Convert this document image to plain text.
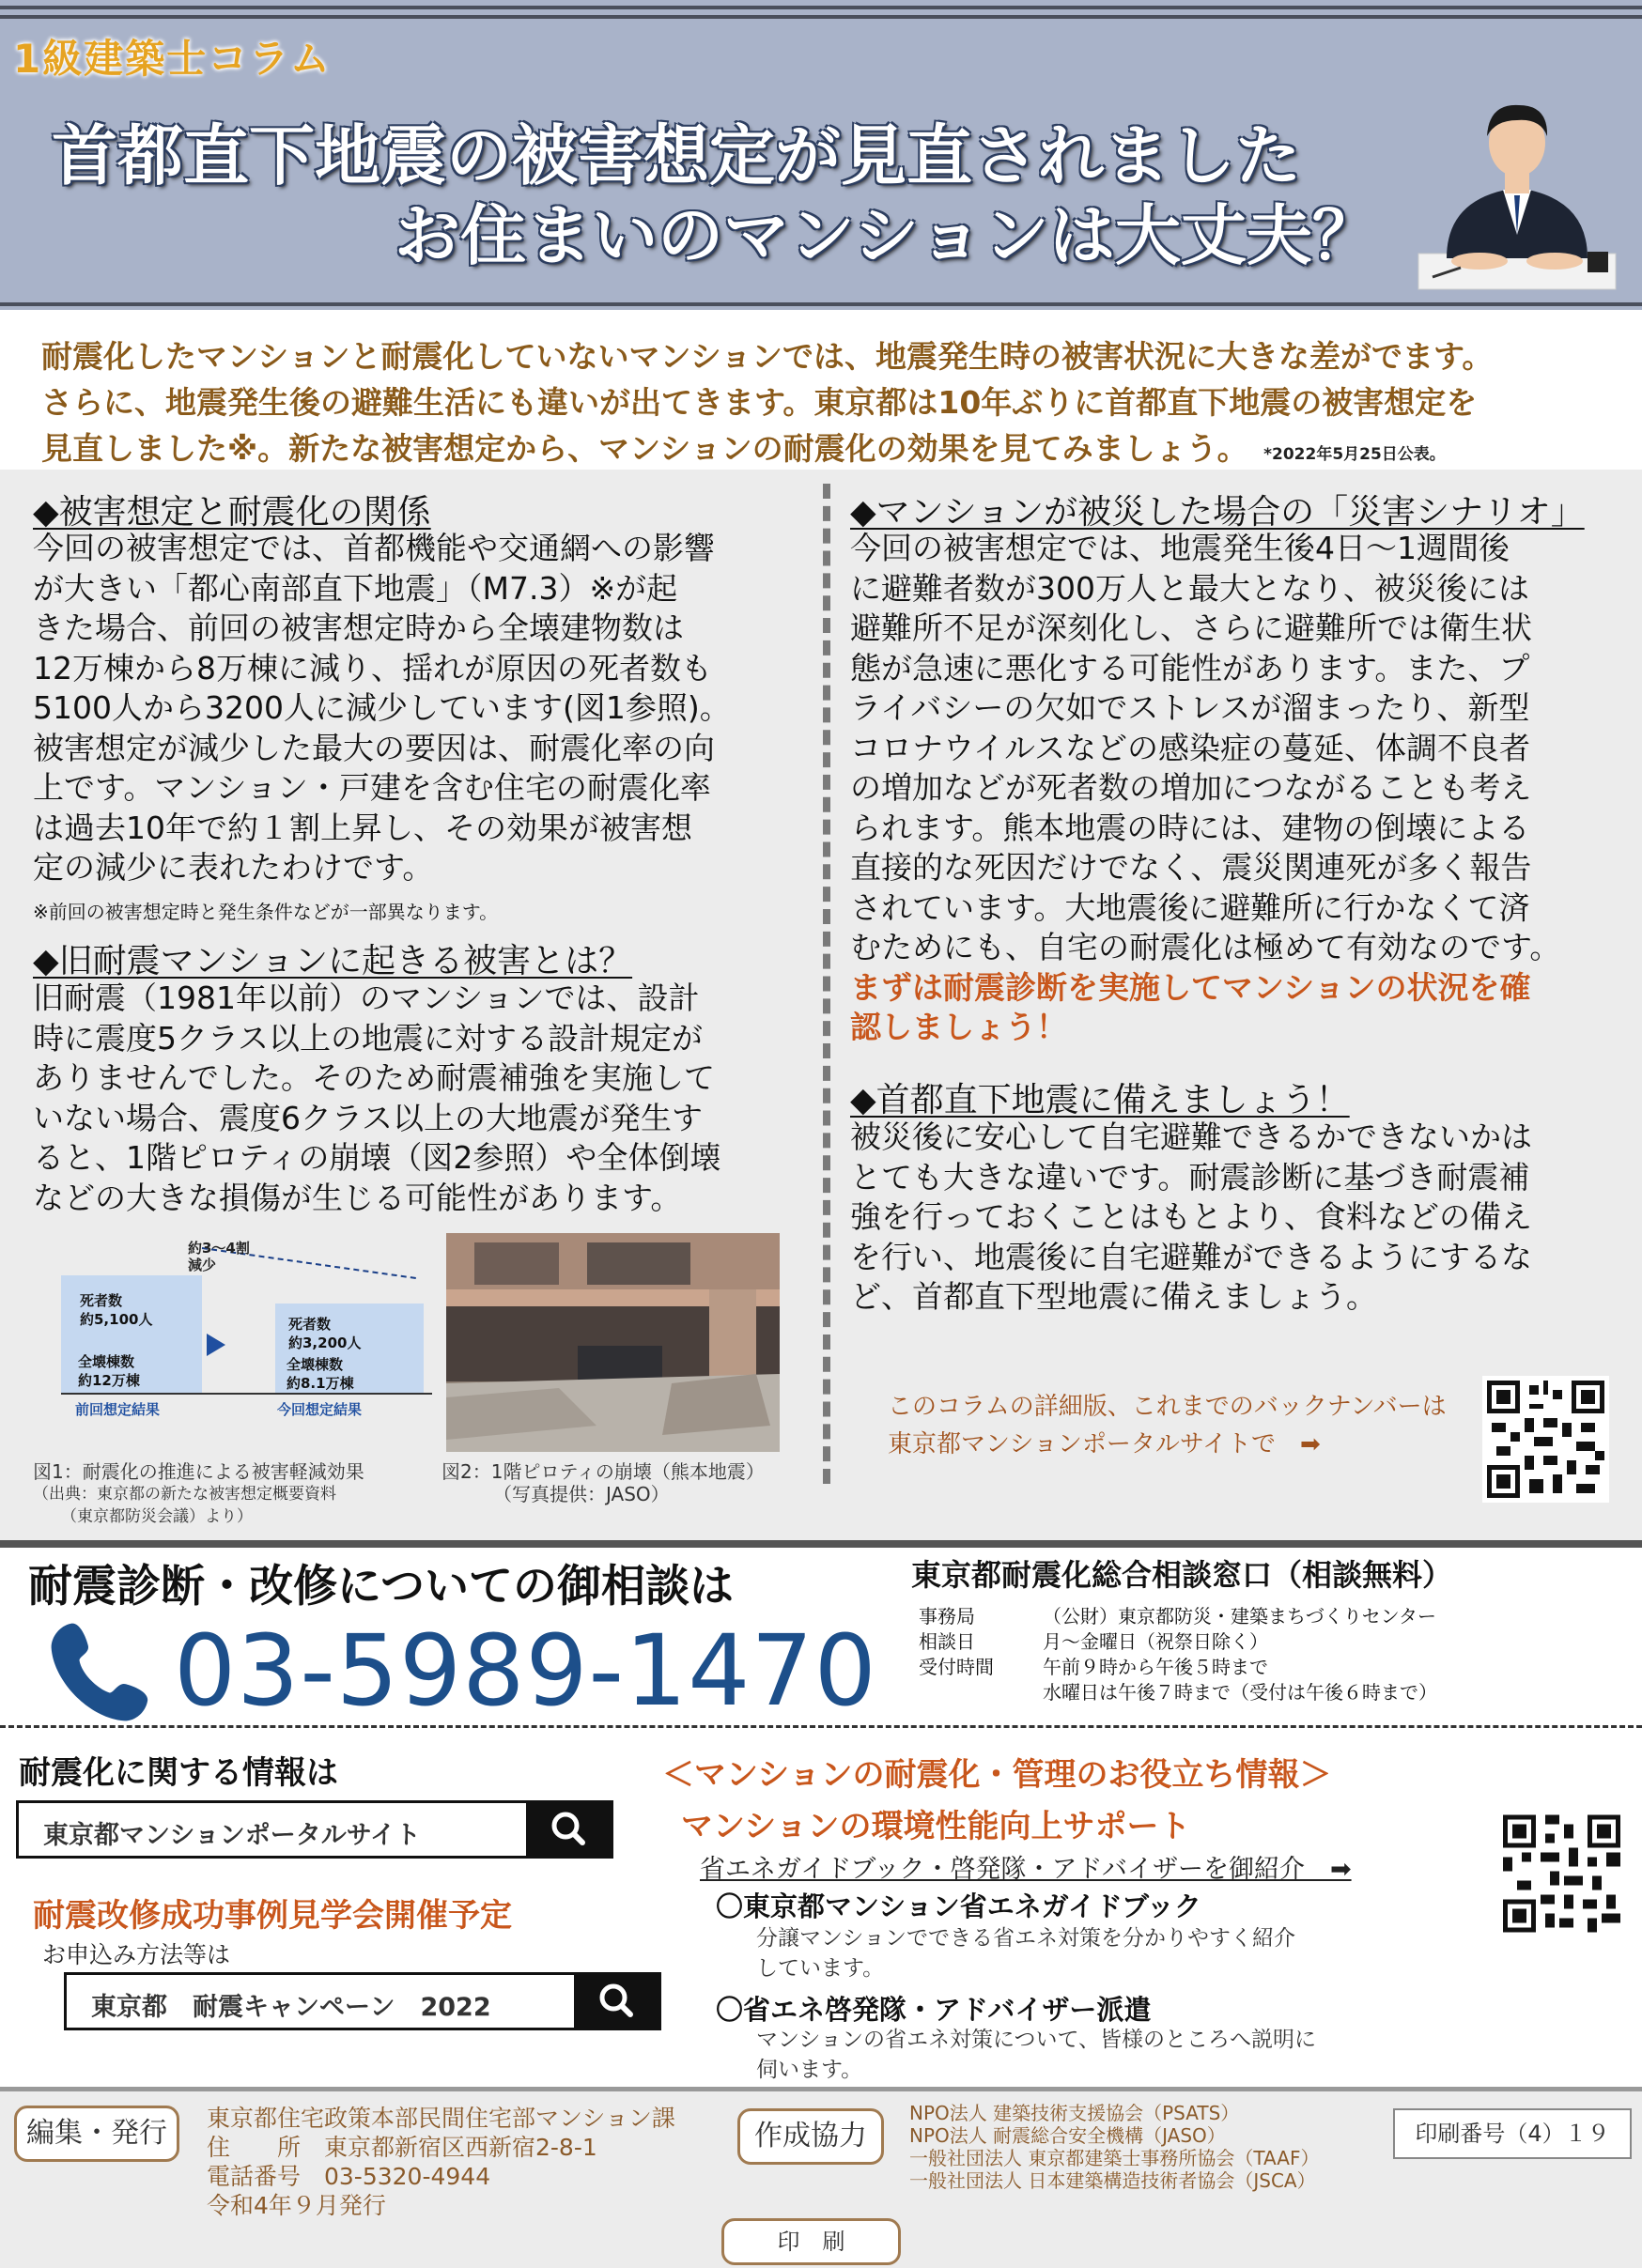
1級建築士コラム
首都直下地震の被害想定が見直されました
お住まいのマンションは大丈夫？
耐震化したマンションと耐震化していないマンションでは、地震発生時の被害状況に大きな差がでます。
さらに、地震発生後の避難生活にも違いが出てきます。東京都は10年ぶりに首都直下地震の被害想定を
見直しました※。新たな被害想定から、マンションの耐震化の効果を見てみましょう。　 *2022年5月25日公表。
◆被害想定と耐震化の関係
今回の被害想定では、首都機能や交通網への影響
が大きい「都心南部直下地震」（M7.3）※が起
きた場合、前回の被害想定時から全壊建物数は
12万棟から8万棟に減り、揺れが原因の死者数も
5100人から3200人に減少しています(図1参照)。
被害想定が減少した最大の要因は、耐震化率の向
上です。マンション・戸建を含む住宅の耐震化率
は過去10年で約１割上昇し、その効果が被害想
定の減少に表れたわけです。
※前回の被害想定時と発生条件などが一部異なります。
◆旧耐震マンションに起きる被害とは？
旧耐震（1981年以前）のマンションでは、設計
時に震度5クラス以上の地震に対する設計規定が
ありませんでした。そのため耐震補強を実施して
いない場合、震度6クラス以上の大地震が発生す
ると、1階ピロティの崩壊（図2参照）や全体倒壊
などの大きな損傷が生じる可能性があります。
約3～4割
減少
死者数
約5,100人
全壊棟数
約12万棟
死者数
約3,200人
全壊棟数
約8.1万棟
前回想定結果	今回想定結果
図1：耐震化の推進による被害軽減効果
（出典：東京都の新たな被害想定概要資料
（東京都防災会議）より）
図2：1階ピロティの崩壊（熊本地震）
（写真提供：JASO）
◆マンションが被災した場合の「災害シナリオ」
今回の被害想定では、地震発生後4日～1週間後
に避難者数が300万人と最大となり、被災後には
避難所不足が深刻化し、さらに避難所では衛生状
態が急速に悪化する可能性があります。また、プ
ライバシーの欠如でストレスが溜まったり、新型
コロナウイルスなどの感染症の蔓延、体調不良者
の増加などが死者数の増加につながることも考え
られます。熊本地震の時には、建物の倒壊による
直接的な死因だけでなく、震災関連死が多く報告
されています。大地震後に避難所に行かなくて済
むためにも、自宅の耐震化は極めて有効なのです。
まずは耐震診断を実施してマンションの状況を確
認しましょう！
◆首都直下地震に備えましょう！
被災後に安心して自宅避難できるかできないかは
とても大きな違いです。耐震診断に基づき耐震補
強を行っておくことはもとより、食料などの備え
を行い、地震後に自宅避難ができるようにするな
ど、首都直下型地震に備えましょう。
このコラムの詳細版、これまでのバックナンバーは
東京都マンションポータルサイトで　➡
耐震診断・改修についての御相談は
03-5989-1470
東京都耐震化総合相談窓口（相談無料）
事務局	（公財）東京都防災・建築まちづくりセンター
相談日	月～金曜日（祝祭日除く）
受付時間	午前９時から午後５時まで
水曜日は午後７時まで（受付は午後６時まで）
耐震化に関する情報は
東京都マンションポータルサイト
耐震改修成功事例見学会開催予定
お申込み方法等は
東京都　耐震キャンペーン　2022
＜マンションの耐震化・管理のお役立ち情報＞
マンションの環境性能向上サポート
省エネガイドブック・啓発隊・アドバイザーを御紹介　➡
〇東京都マンション省エネガイドブック
分譲マンションでできる省エネ対策を分かりやすく紹介
しています。
〇省エネ啓発隊・アドバイザー派遣
マンションの省エネ対策について、皆様のところへ説明に
伺います。
編集・発行	東京都住宅政策本部民間住宅部マンション課
住　　所　東京都新宿区西新宿2-8-1
電話番号　03-5320-4944
令和4年９月発行
作成協力
NPO法人 建築技術支援協会（PSATS）
NPO法人 耐震総合安全機構（JASO）
一般社団法人 東京都建築士事務所協会（TAAF）
一般社団法人 日本建築構造技術者協会（JSCA）
印刷番号（4）１９
印　刷
